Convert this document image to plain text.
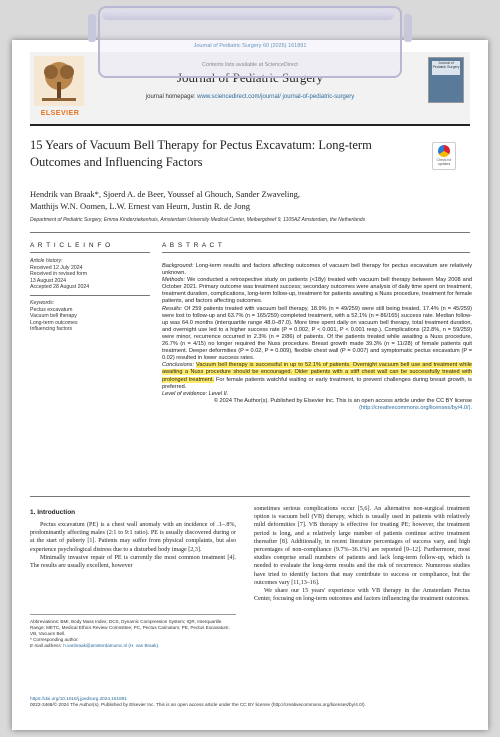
Journal of Pediatric Surgery 60 (2025) 161891
ELSEVIER
Contents lists available at ScienceDirect
Journal of Pediatric Surgery
journal homepage: www.sciencedirect.com/journal/ journal-of-pediatric-surgery
Journal of Pediatric Surgery
15 Years of Vacuum Bell Therapy for Pectus Excavatum: Long-term Outcomes and Influencing Factors	Check for updates
Hendrik van Braak*, Sjoerd A. de Beer, Youssef al Ghouch, Sander Zwaveling,
Matthijs W.N. Oomen, L.W. Ernest van Heurn, Justin R. de Jong
Department of Pediatric Surgery, Emma Kinderziekenhuis, Amsterdam University Medical Center, Meibergdreef 9, 1105AZ Amsterdam, the Netherlands
A R T I C L E I N F O	A B S T R A C T
Article history:
Received 12 July 2024
Received in revised form
13 August 2024
Accepted 28 August 2024
Keywords:
Pectus excavatum
Vacuum bell therapy
Long-term outcomes
Influencing factors

Background: Long-term results and factors affecting outcomes of vacuum bell therapy for pectus excavatum are relatively unknown.

Methods: We conducted a retrospective study on patients (<18y) treated with vacuum bell therapy between May 2008 and October 2021. Primary outcome was treatment success; secondary outcomes were analysis of daily time spent on treatment, treatment duration, complications, long-term follow-up, treatment for patients awaiting a Nuss procedure, treatment for female patients, and factors affecting outcomes.

Results: Of 259 patients treated with vacuum bell therapy, 18.9% (n = 49/259) were still being treated, 17.4% (n = 45/259) were lost to follow-up and 63.7% (n = 165/259) completed treatment, with a 52.1% (n = 86/165) success rate. Median follow-up was 64.0 months (interquartile range 48.0–87.0). More time spent daily on vacuum bell therapy, total treatment duration, and overnight use led to a higher success rate (P = 0.002, P < 0.001, P < 0.001 resp.). Complications (22.8%, n = 59/259) were minor, recurrence occurred in 2.3% (n = 2/86) of patients. Of the patients treated while awaiting a Nuss procedure, 26.7% (n = 4/15) no longer required the Nuss procedure. Breast growth made 39.3% (n = 11/28) of female patients quit treatment. Deeper deformities (P = 0.02, P = 0.009), flexible chest wall (P = 0.007) and symptomatic pectus excavatum (P = 0.02) resulted in lower success rates.

Conclusions: Vacuum bell therapy is successful in up to 52.1% of patients. Overnight vacuum bell use and treatment while awaiting a Nuss procedure should be encouraged. Older patients with a stiff chest wall can be successfully treated with prolonged treatment. For female patients watchful waiting or early treatment, to prevent challenges during breast growth, is preferred.

Level of evidence: Level II.

© 2024 The Author(s). Published by Elsevier Inc. This is an open access article under the CC BY license
(http://creativecommons.org/licenses/by/4.0/).

1. Introduction

Pectus excavatum (PE) is a chest wall anomaly with an incidence of .1–.8%, predominantly affecting males (2:1 to 9:1 ratio). PE is usually discovered during or at the start of puberty [1]. Patients may suffer from physical complaints, but also experience psychological distress due to a disturbed body image [2,3].

Minimally invasive repair of PE is currently the most common treatment [4]. The results are usually excellent, however

sometimes serious complications occur [5,6]. An alternative non-surgical treatment option is vacuum bell (VB) therapy, which is usually used in patients with relatively mild deformities [7]. VB therapy is effective for treating PE; however, the treatment period is long, and a relatively large number of patients continue active treatment thereafter [8]. Additionally, in recent literature percentages of success vary, and high percentages of non-compliance (9.7%–36.1%) are reported [9–12]. Furthermore, most studies comprise small numbers of patients and lack long-term follow-up, which is needed to evaluate the long-term results and the risk of recurrence. Numerous studies have tried to identify factors that may contribute to success or compliance, but the outcomes vary [11,13–16].

We share our 15 years' experience with VB therapy in the Amsterdam Pectus Center, focusing on long-term outcomes and factors influencing the treatment outcomes.

Abbreviations: BMI, Body Mass Index; DCS, Dynamic Compression System; IQR, Interquartile Range; METC, Medical Ethics Review Committee; PC, Pectus Carinatum; PE, Pectus Excavatum; VB, Vacuum Bell.
* Corresponding author.
E-mail address: h.vanbraak@amsterdamumc.nl (H. van Braak).
https://doi.org/10.1016/j.jpedsurg.2024.161891
0022-3468/© 2024 The Author(s). Published by Elsevier Inc. This is an open access article under the CC BY license (http://creativecommons.org/licenses/by/4.0/).
